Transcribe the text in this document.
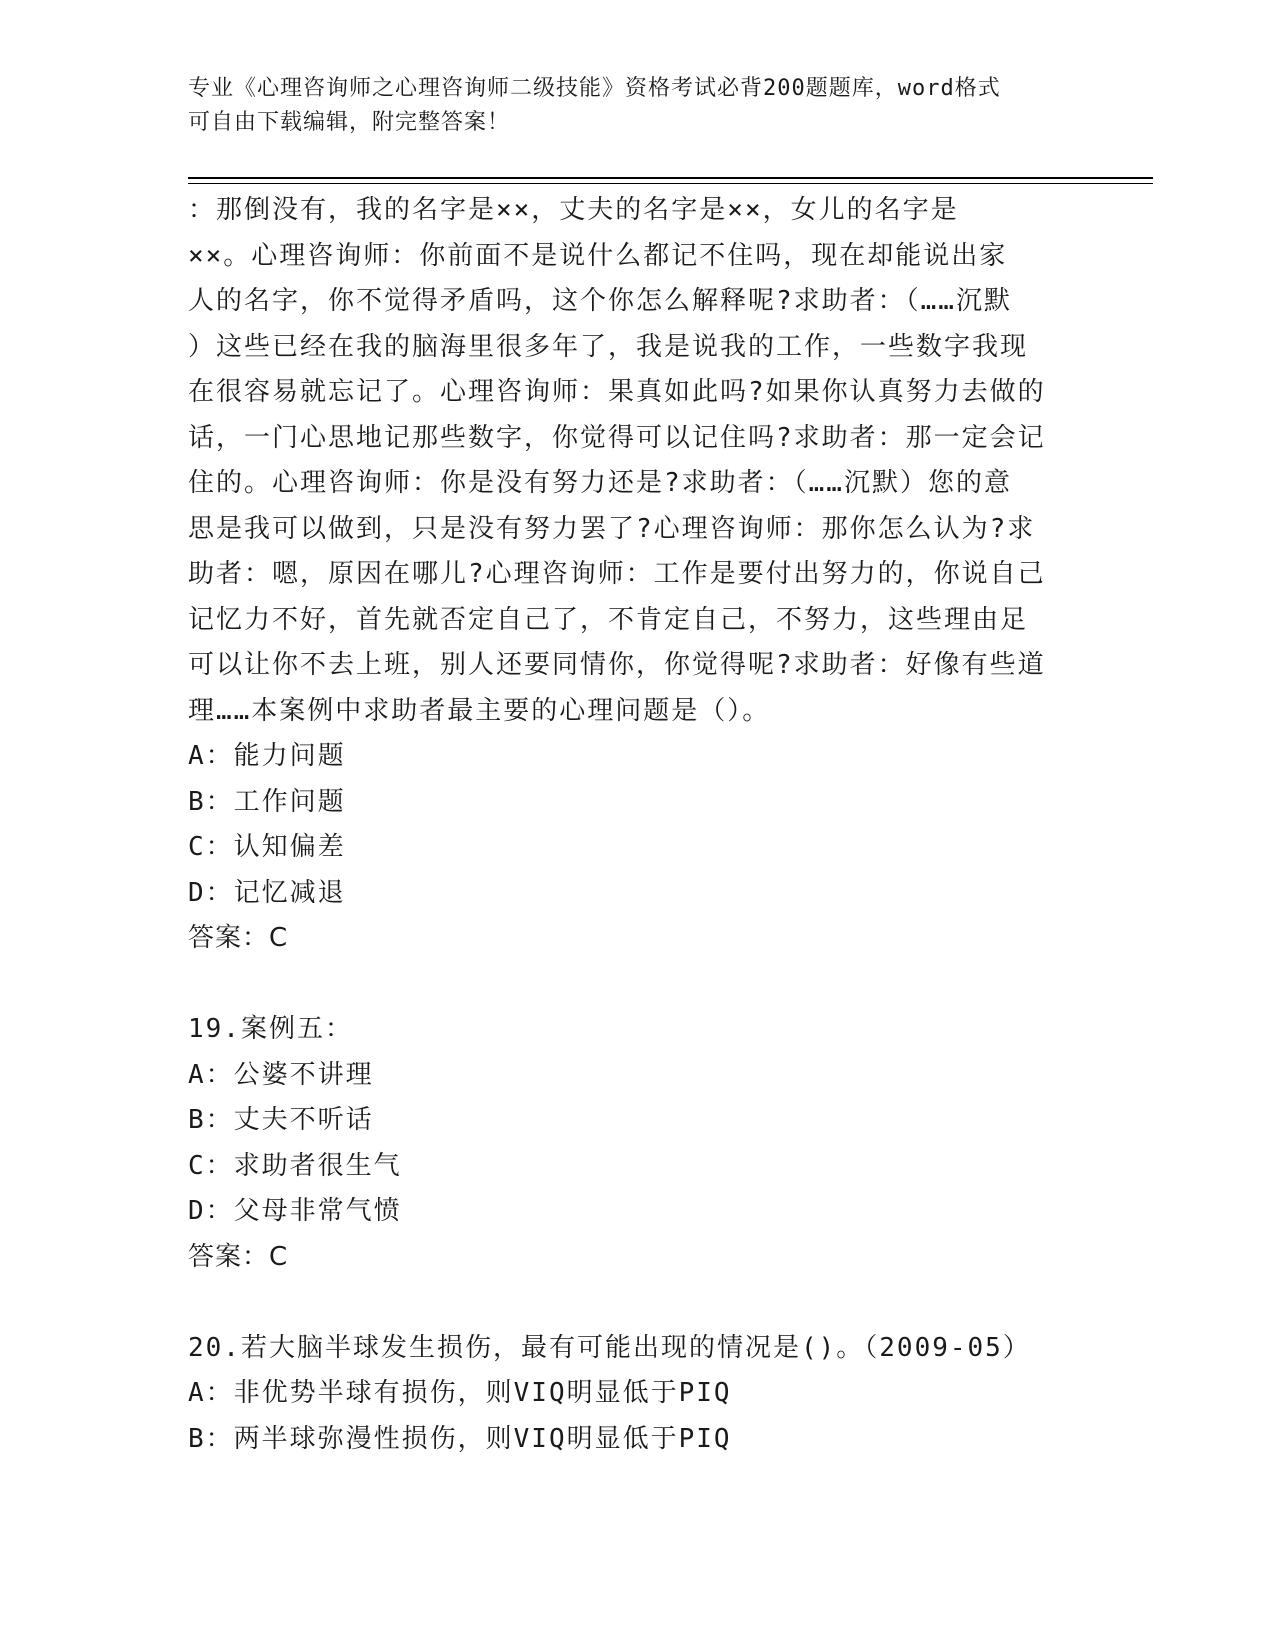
专业《心理咨询师之心理咨询师二级技能》资格考试必背200题题库，word格式
可自由下载编辑，附完整答案！
：那倒没有，我的名字是××，丈夫的名字是××，女儿的名字是
××。心理咨询师：你前面不是说什么都记不住吗，现在却能说出家
人的名字，你不觉得矛盾吗，这个你怎么解释呢?求助者：（……沉默
）这些已经在我的脑海里很多年了，我是说我的工作，一些数字我现
在很容易就忘记了。心理咨询师：果真如此吗?如果你认真努力去做的
话，一门心思地记那些数字，你觉得可以记住吗?求助者：那一定会记
住的。心理咨询师：你是没有努力还是?求助者：（……沉默）您的意
思是我可以做到，只是没有努力罢了?心理咨询师：那你怎么认为?求
助者：嗯，原因在哪儿?心理咨询师：工作是要付出努力的，你说自己
记忆力不好，首先就否定自己了，不肯定自己，不努力，这些理由足
可以让你不去上班，别人还要同情你，你觉得呢?求助者：好像有些道
理……本案例中求助者最主要的心理问题是（）。
A：能力问题
B：工作问题
C：认知偏差
D：记忆减退
答案：C
19.案例五：
A：公婆不讲理
B：丈夫不听话
C：求助者很生气
D：父母非常气愤
答案：C
20.若大脑半球发生损伤，最有可能出现的情况是()。（2009-05）
A：非优势半球有损伤，则VIQ明显低于PIQ
B：两半球弥漫性损伤，则VIQ明显低于PIQ
